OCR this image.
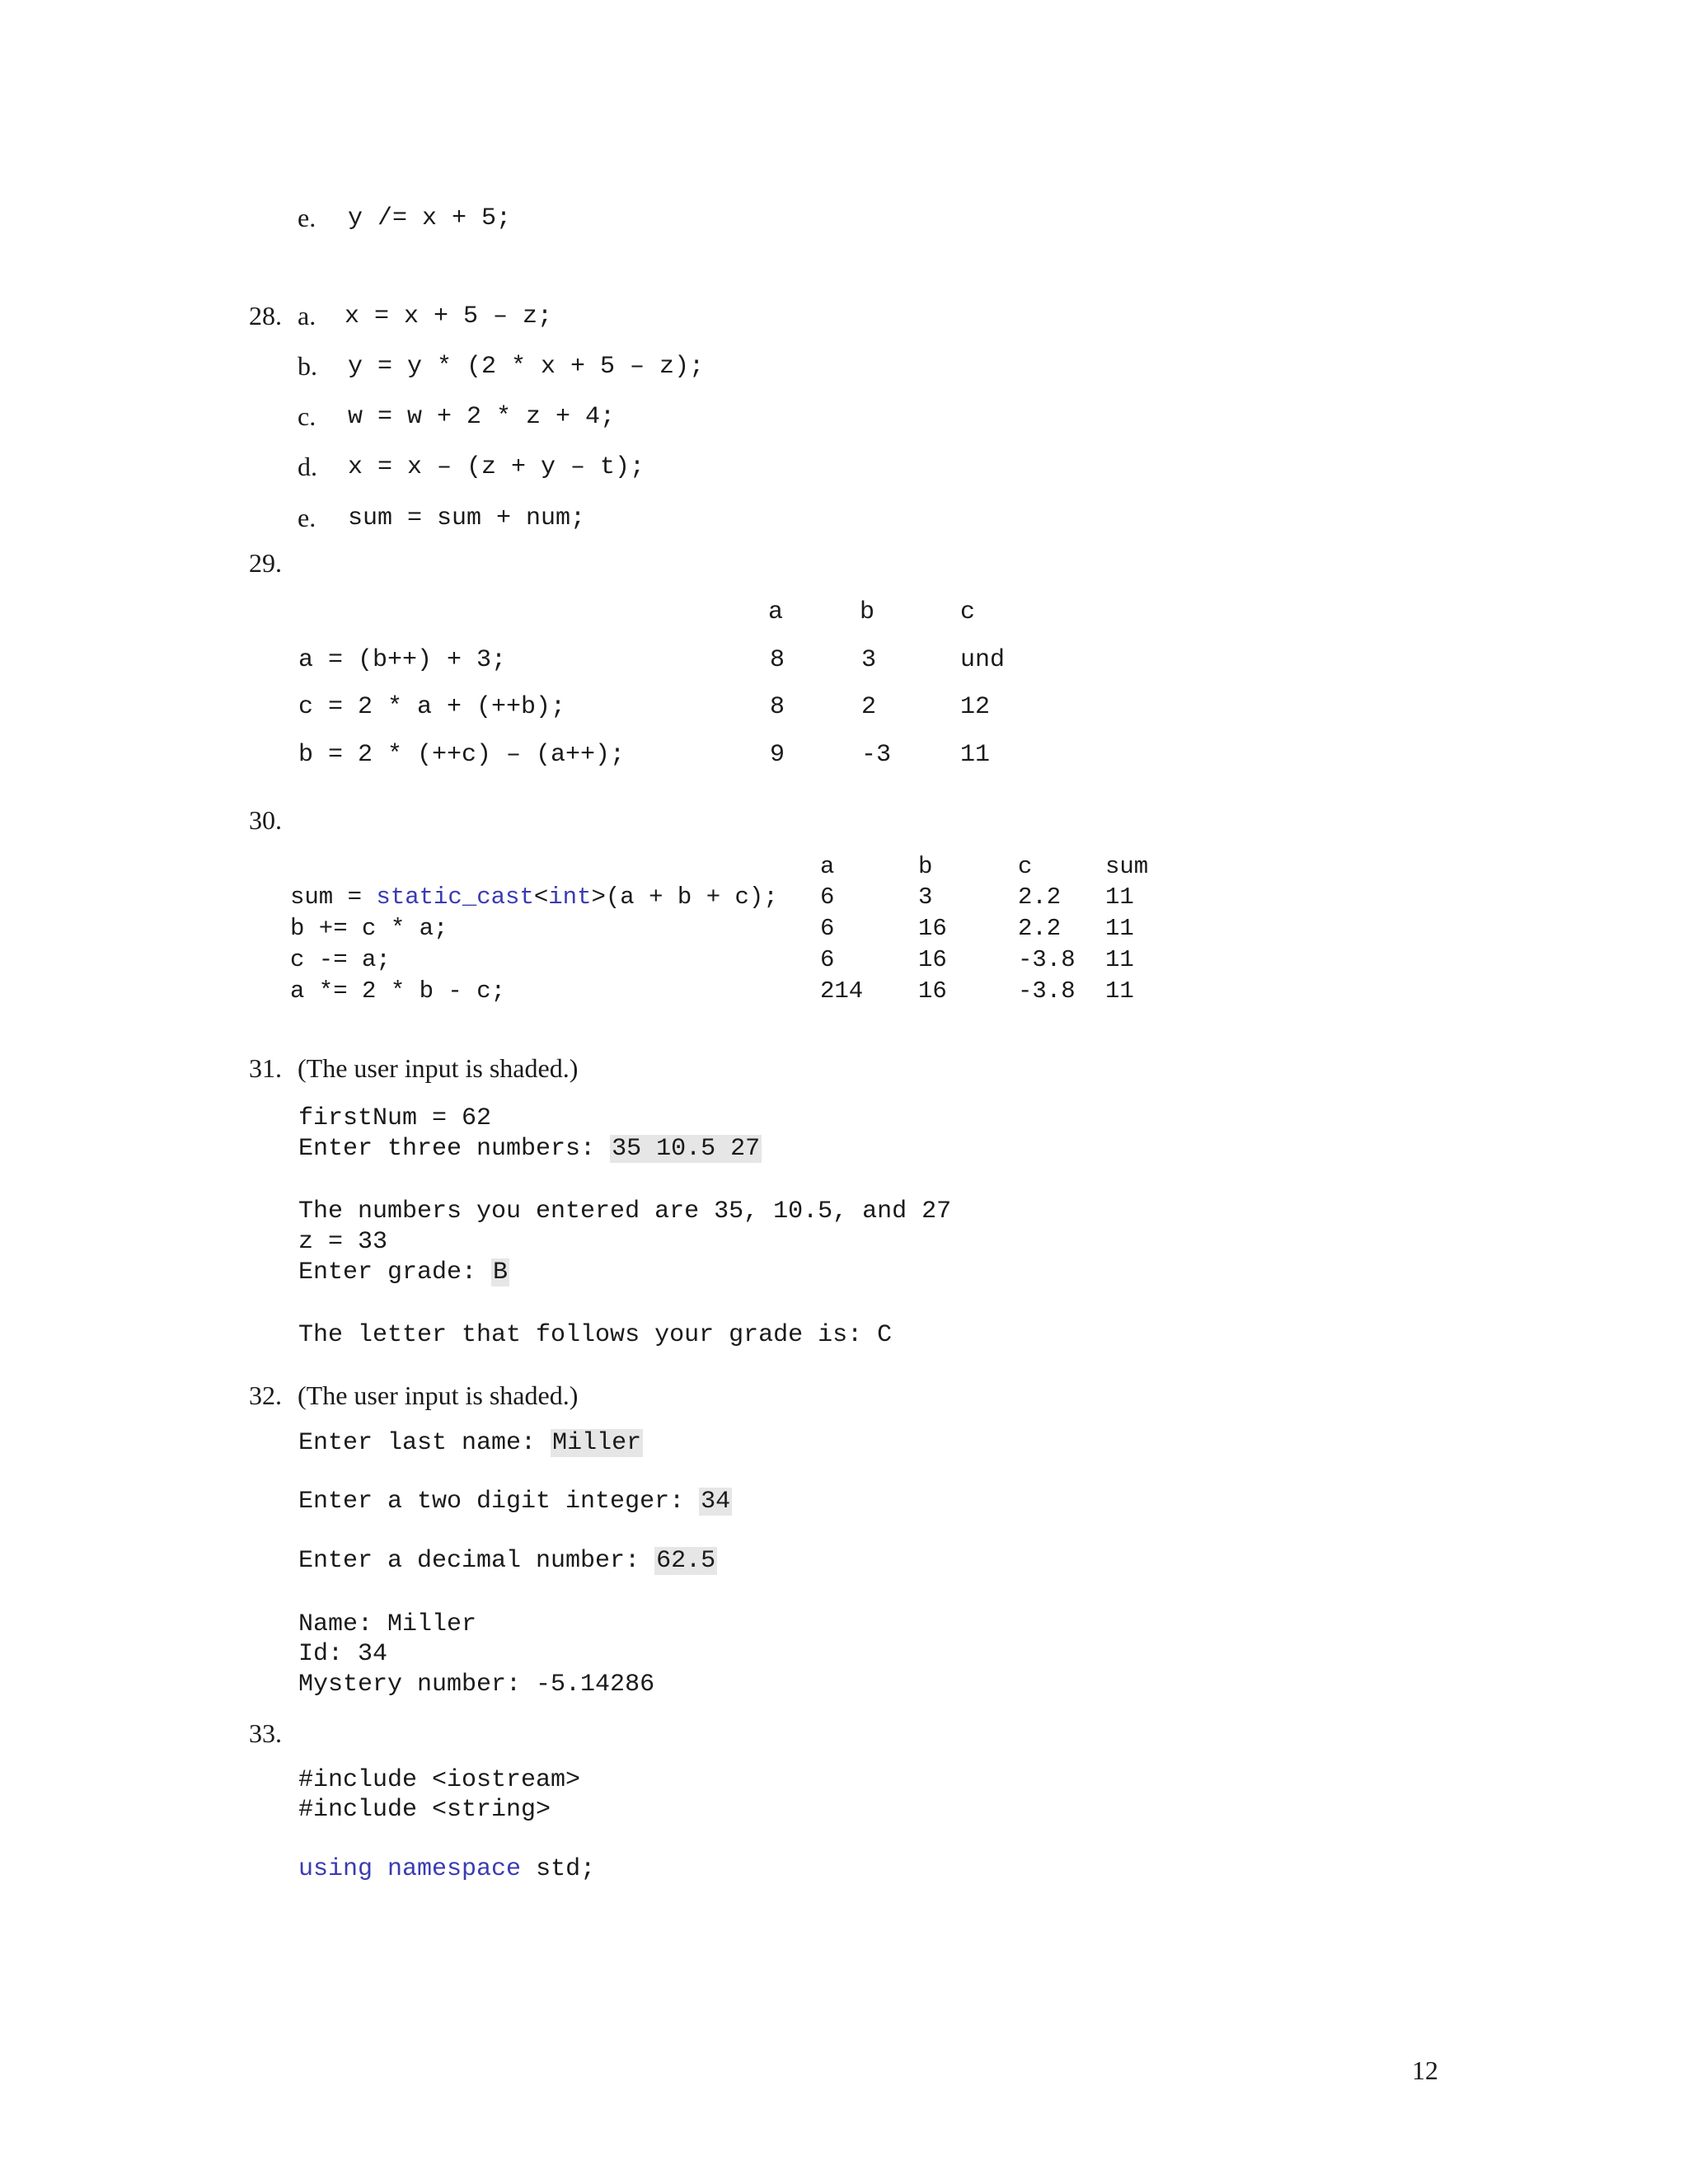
e. y /= x + 5;
28. a. x = x + 5 – z;
b. y = y * (2 * x + 5 – z);
c. w = w + 2 * z + 4;
d. x = x – (z + y – t);
e. sum = sum + num;
29.
a	b	c
a = (b++) + 3;	8	3	und
c = 2 * a + (++b);	8	2	12
b = 2 * (++c) – (a++);	9	-3	11
30.
a	b	c	sum
sum = static_cast<int>(a + b + c); 6	3	2.2 11
b += c * a;	6	16	2.2 11
c -= a;	6	16	-3.8 11
a *= 2 * b - c;	214 16	-3.8 11
31. (The user input is shaded.)
firstNum = 62
Enter three numbers: 35 10.5 27
The numbers you entered are 35, 10.5, and 27
z = 33
Enter grade: B
The letter that follows your grade is: C
32. (The user input is shaded.)
Enter last name: Miller
Enter a two digit integer: 34
Enter a decimal number: 62.5
Name: Miller
Id: 34
Mystery number: -5.14286
33.
#include <iostream>
#include <string>
using namespace std;
12
